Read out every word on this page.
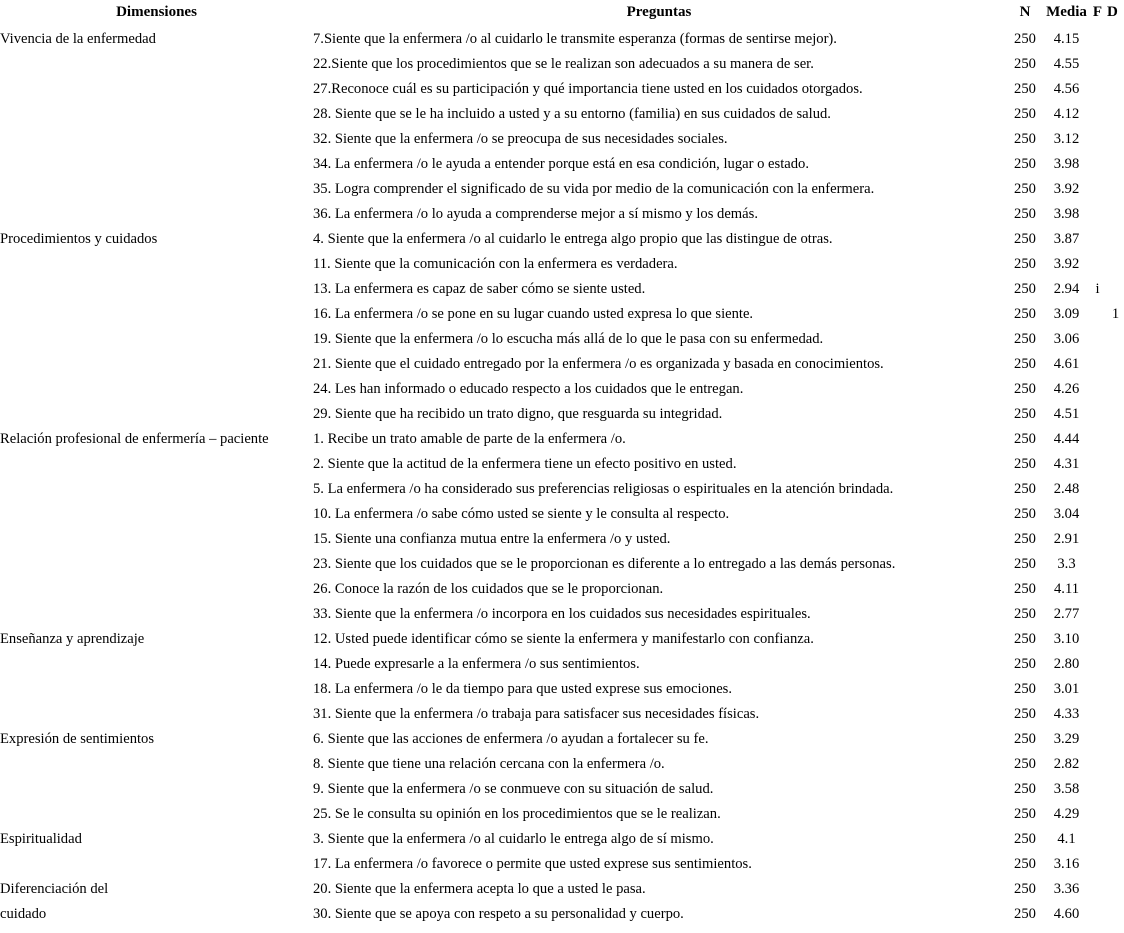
Dimensiones	Preguntas	N	Media	F	D
Vivencia de la enfermedad	7.Siente que la enfermera /o al cuidarlo le transmite esperanza (formas de sentirse mejor).	250	4.15		
	22.Siente que los procedimientos que se le realizan son adecuados a su manera de ser.	250	4.55		
	27.Reconoce cuál es su participación y qué importancia tiene usted en los cuidados otorgados.	250	4.56		
	28. Siente que se le ha incluido a usted y a su entorno (familia) en sus cuidados de salud.	250	4.12		
	32. Siente que la enfermera /o se preocupa de sus necesidades sociales.	250	3.12		
	34. La enfermera /o le ayuda a entender porque está en esa condición, lugar o estado.	250	3.98		
	35. Logra comprender el significado de su vida por medio de la comunicación con la enfermera.	250	3.92		
	36. La enfermera /o lo ayuda a comprenderse mejor a sí mismo y los demás.	250	3.98		
Procedimientos y cuidados	4. Siente que la enfermera /o al cuidarlo le entrega algo propio que las distingue de otras.	250	3.87		
	11. Siente que la comunicación con la enfermera es verdadera.	250	3.92		
	13. La enfermera es capaz de saber cómo se siente usted.	250	2.94	i	
	16. La enfermera /o se pone en su lugar cuando usted expresa lo que siente.	250	3.09		1
	19. Siente que la enfermera /o lo escucha más allá de lo que le pasa con su enfermedad.	250	3.06		
	21. Siente que el cuidado entregado por la enfermera /o es organizada y basada en conocimientos.	250	4.61		
	24. Les han informado o educado respecto a los cuidados que le entregan.	250	4.26		
	29. Siente que ha recibido un trato digno, que resguarda su integridad.	250	4.51		
Relación profesional de enfermería – paciente	1. Recibe un trato amable de parte de la enfermera /o.	250	4.44		
	2. Siente que la actitud de la enfermera tiene un efecto positivo en usted.	250	4.31		
	5. La enfermera /o ha considerado sus preferencias religiosas o espirituales en la atención brindada.	250	2.48		
	10. La enfermera /o sabe cómo usted se siente y le consulta al respecto.	250	3.04		
	15. Siente una confianza mutua entre la enfermera /o y usted.	250	2.91		
	23. Siente que los cuidados que se le proporcionan es diferente a lo entregado a las demás personas.	250	3.3		
	26. Conoce la razón de los cuidados que se le proporcionan.	250	4.11		
	33. Siente que la enfermera /o incorpora en los cuidados sus necesidades espirituales.	250	2.77		
Enseñanza y aprendizaje	12. Usted puede identificar cómo se siente la enfermera y manifestarlo con confianza.	250	3.10		
	14. Puede expresarle a la enfermera /o sus sentimientos.	250	2.80		
	18. La enfermera /o le da tiempo para que usted exprese sus emociones.	250	3.01		
	31. Siente que la enfermera /o trabaja para satisfacer sus necesidades físicas.	250	4.33		
Expresión de sentimientos	6. Siente que las acciones de enfermera /o ayudan a fortalecer su fe.	250	3.29		
	8. Siente que tiene una relación cercana con la enfermera /o.	250	2.82		
	9. Siente que la enfermera /o se conmueve con su situación de salud.	250	3.58		
	25. Se le consulta su opinión en los procedimientos que se le realizan.	250	4.29		
Espiritualidad	3. Siente que la enfermera /o al cuidarlo le entrega algo de sí mismo.	250	4.1		
	17. La enfermera /o favorece o permite que usted exprese sus sentimientos.	250	3.16		
Diferenciación del	20. Siente que la enfermera acepta lo que a usted le pasa.	250	3.36		
cuidado	30. Siente que se apoya con respeto a su personalidad y cuerpo.	250	4.60		
